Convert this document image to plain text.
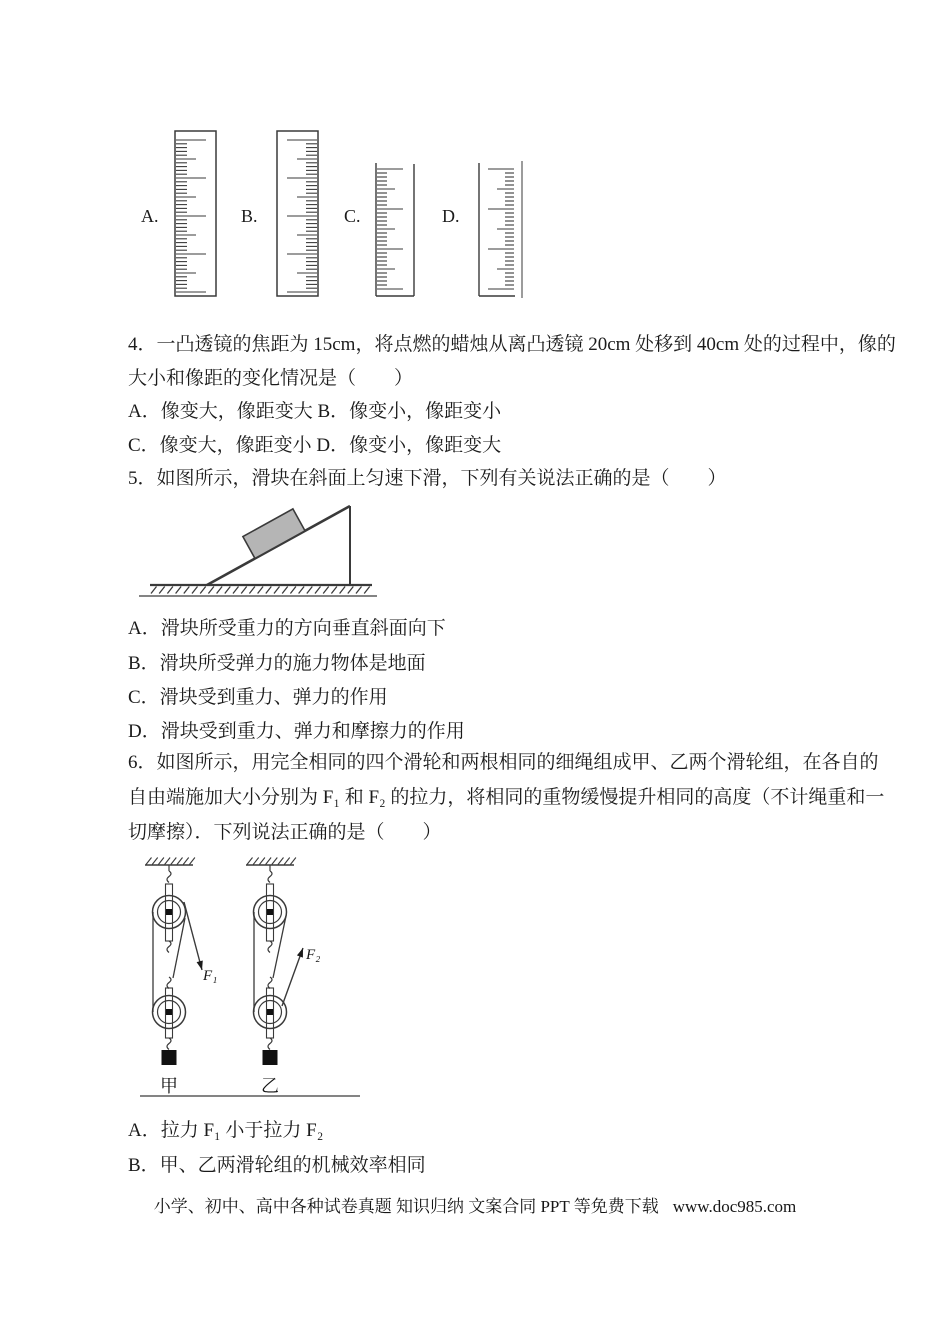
A.	B.	C.	D.
4．一凸透镜的焦距为 15cm，将点燃的蜡烛从离凸透镜 20cm 处移到 40cm 处的过程中，像的
大小和像距的变化情况是（　　）
A．像变大，像距变大 B．像变小，像距变小
C．像变大，像距变小 D．像变小，像距变大
5．如图所示，滑块在斜面上匀速下滑，下列有关说法正确的是（　　）
A．滑块所受重力的方向垂直斜面向下
B．滑块所受弹力的施力物体是地面
C．滑块受到重力、弹力的作用
D．滑块受到重力、弹力和摩擦力的作用
6．如图所示，用完全相同的四个滑轮和两根相同的细绳组成甲、乙两个滑轮组，在各自的
自由端施加大小分别为 F₁ 和 F₂ 的拉力，将相同的重物缓慢提升相同的高度（不计绳重和一
切摩擦）．下列说法正确的是（　　）
F₁
F₂
甲	乙
A．拉力 F₁ 小于拉力 F₂
B．甲、乙两滑轮组的机械效率相同
小学、初中、高中各种试卷真题 知识归纳 文案合同 PPT 等免费下载 www.doc985.com
